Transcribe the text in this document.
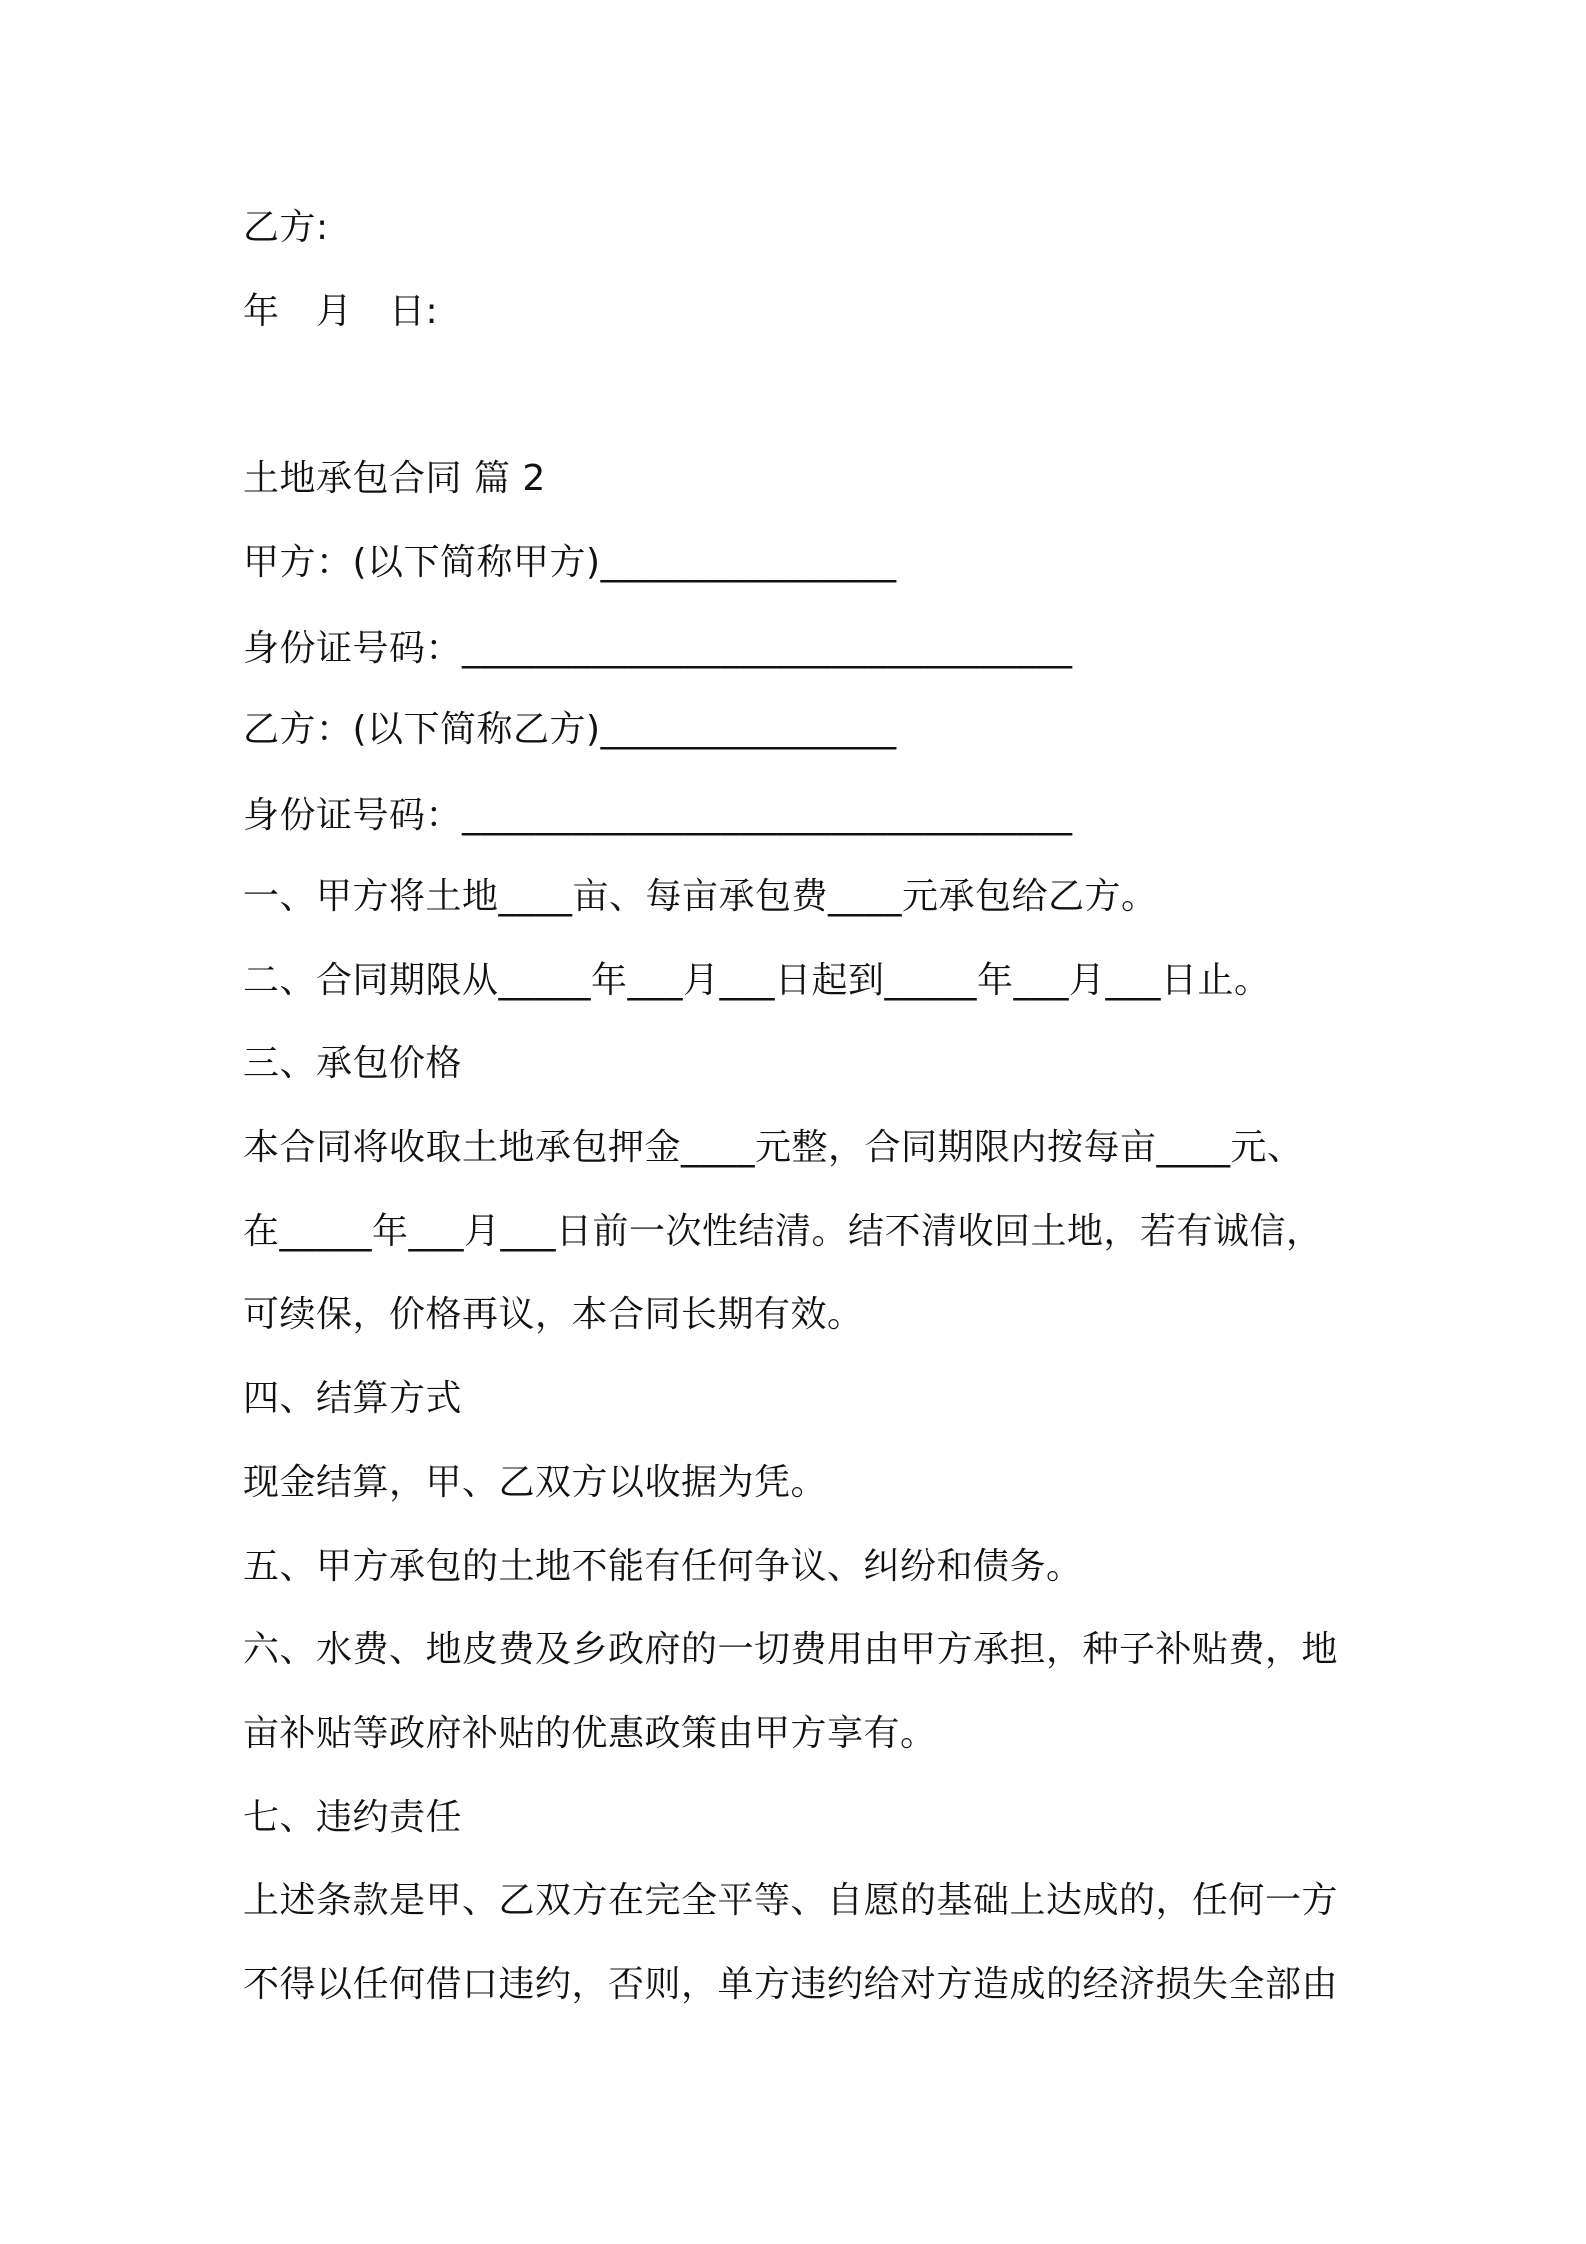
乙方:
年　月　日:
土地承包合同 篇 2
甲方：(以下简称甲方)________________
身份证号码：_________________________________
乙方：(以下简称乙方)________________
身份证号码：_________________________________
一、甲方将土地____亩、每亩承包费____元承包给乙方。
二、合同期限从_____年___月___日起到_____年___月___日止。
三、承包价格
本合同将收取土地承包押金____元整，合同期限内按每亩____元、
在_____年___月___日前一次性结清。结不清收回土地，若有诚信，
可续保，价格再议，本合同长期有效。
四、结算方式
现金结算，甲、乙双方以收据为凭。
五、甲方承包的土地不能有任何争议、纠纷和债务。
六、水费、地皮费及乡政府的一切费用由甲方承担，种子补贴费，地
亩补贴等政府补贴的优惠政策由甲方享有。
七、违约责任
上述条款是甲、乙双方在完全平等、自愿的基础上达成的，任何一方
不得以任何借口违约，否则，单方违约给对方造成的经济损失全部由
